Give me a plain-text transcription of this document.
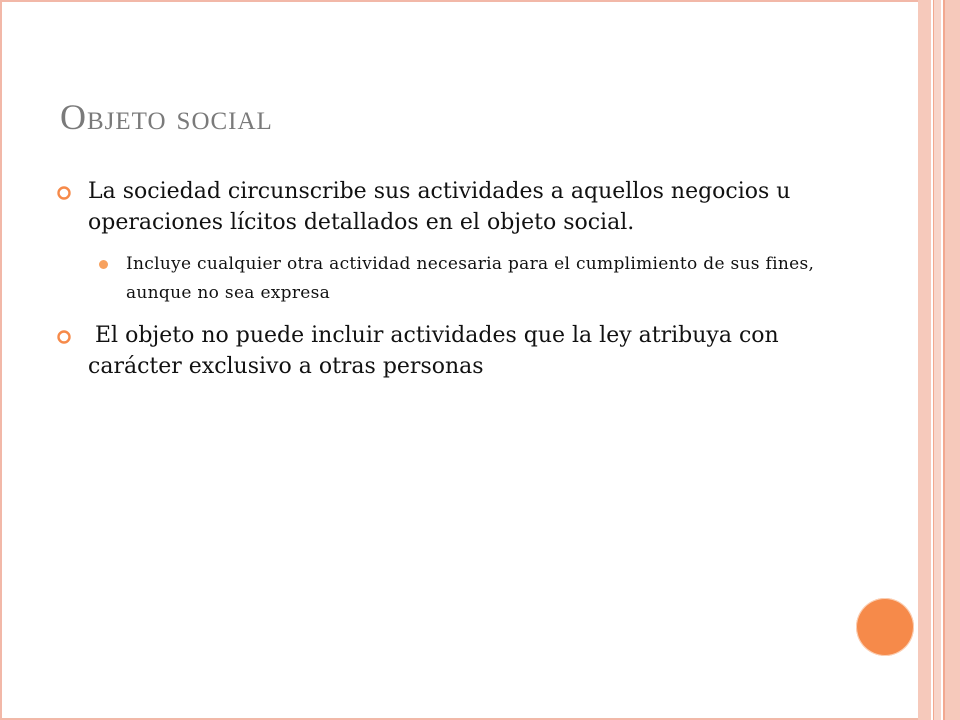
Objeto social
La sociedad circunscribe sus actividades a aquellos negocios u operaciones lícitos detallados en el objeto social.
Incluye cualquier otra actividad necesaria para el cumplimiento de sus fines, aunque no sea expresa
El objeto no puede incluir actividades que la ley atribuya con carácter exclusivo a otras personas
